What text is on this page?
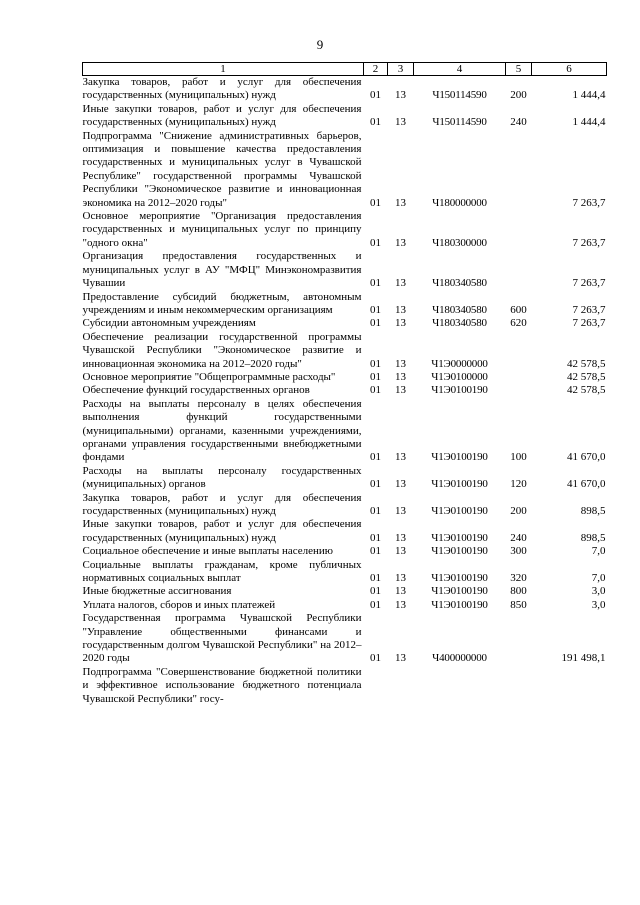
9
1	2	3	4	5	6
Закупка товаров, работ и услуг для обеспечения государственных (муниципальных) нужд	01	13	Ч150114590	200	1 444,4
Иные закупки товаров, работ и услуг для обеспечения государственных (муниципальных) нужд	01	13	Ч150114590	240	1 444,4
Подпрограмма "Снижение административных барьеров, оптимизация и повышение качества предоставления государственных и муниципальных услуг в Чувашской Республике" государственной программы Чувашской Республики "Экономическое развитие и инновационная экономика на 2012–2020 годы"	01	13	Ч180000000		7 263,7
Основное мероприятие "Организация предоставления государственных и муниципальных услуг по принципу "одного окна"	01	13	Ч180300000		7 263,7
Организация предоставления государственных и муниципальных услуг в АУ "МФЦ" Минэкономразвития Чувашии	01	13	Ч180340580		7 263,7
Предоставление субсидий бюджетным, автономным учреждениям и иным некоммерческим организациям	01	13	Ч180340580	600	7 263,7
Субсидии автономным учреждениям	01	13	Ч180340580	620	7 263,7
Обеспечение реализации государственной программы Чувашской Республики "Экономическое развитие и инновационная экономика на 2012–2020 годы"	01	13	Ч1Э0000000		42 578,5
Основное мероприятие "Общепрограммные расходы"	01	13	Ч1Э0100000		42 578,5
Обеспечение функций государственных органов	01	13	Ч1Э0100190		42 578,5
Расходы на выплаты персоналу в целях обеспечения выполнения функций государственными (муниципальными) органами, казенными учреждениями, органами управления государственными внебюджетными фондами	01	13	Ч1Э0100190	100	41 670,0
Расходы на выплаты персоналу государственных (муниципальных) органов	01	13	Ч1Э0100190	120	41 670,0
Закупка товаров, работ и услуг для обеспечения государственных (муниципальных) нужд	01	13	Ч1Э0100190	200	898,5
Иные закупки товаров, работ и услуг для обеспечения государственных (муниципальных) нужд	01	13	Ч1Э0100190	240	898,5
Социальное обеспечение и иные выплаты населению	01	13	Ч1Э0100190	300	7,0
Социальные выплаты гражданам, кроме публичных нормативных социальных выплат	01	13	Ч1Э0100190	320	7,0
Иные бюджетные ассигнования	01	13	Ч1Э0100190	800	3,0
Уплата налогов, сборов и иных платежей	01	13	Ч1Э0100190	850	3,0
Государственная программа Чувашской Республики "Управление общественными финансами и государственным долгом Чувашской Республики" на 2012–2020 годы	01	13	Ч400000000		191 498,1
Подпрограмма "Совершенствование бюджетной политики и эффективное использование бюджетного потенциала Чувашской Республики" госу-					
